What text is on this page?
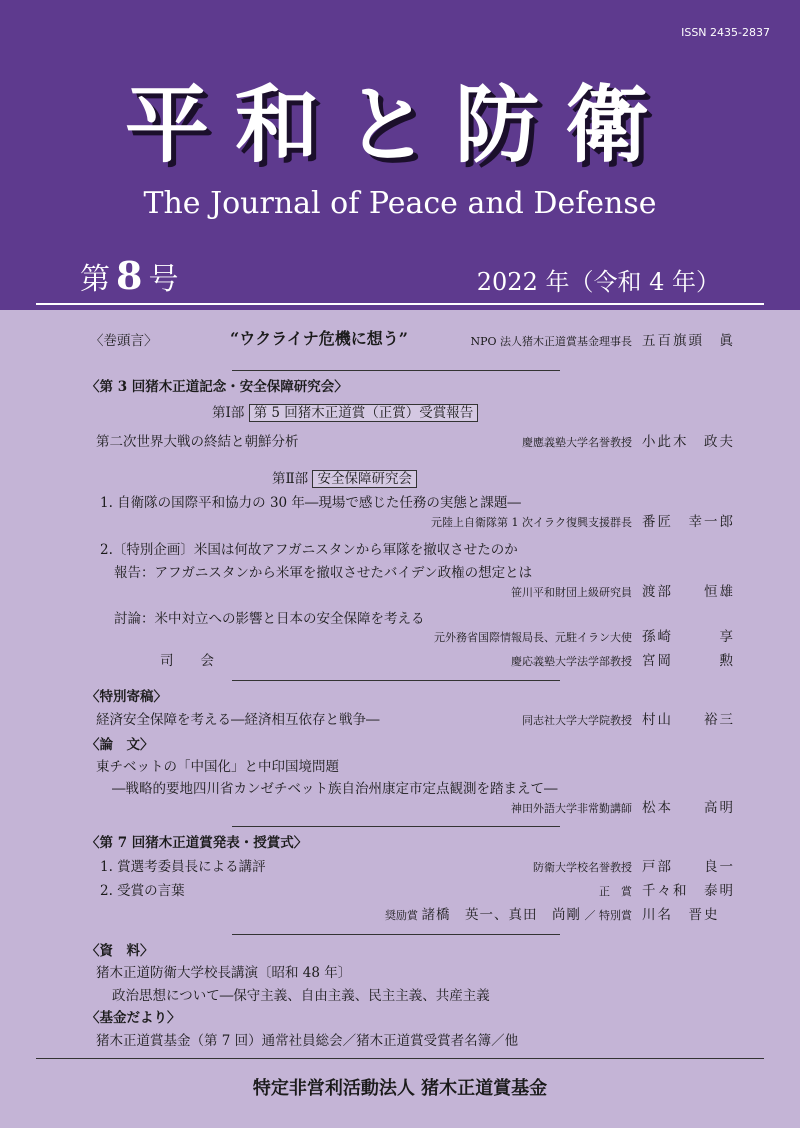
ISSN 2435-2837
平和と防衛
The Journal of Peace and Defense
第 8 号	2022 年（令和 4 年）
〈巻頭言〉	“ウクライナ危機に想う”	NPO 法人猪木正道賞基金理事長 五百旗頭　眞
〈第 3 回猪木正道記念・安全保障研究会〉
第Ⅰ部 第 5 回猪木正道賞（正賞）受賞報告
第二次世界大戦の終結と朝鮮分析	慶應義塾大学名誉教授 小此木　政夫
第Ⅱ部 安全保障研究会
1. 自衛隊の国際平和協力の 30 年―現場で感じた任務の実態と課題―
元陸上自衛隊第 1 次イラク復興支援群長 番匠　幸一郎
2.〔特別企画〕米国は何故アフガニスタンから軍隊を撤収させたのか
報告：アフガニスタンから米軍を撤収させたバイデン政権の想定とは
笹川平和財団上級研究員 渡部　　恒雄
討論：米中対立への影響と日本の安全保障を考える
元外務省国際情報局長、元駐イラン大使 孫崎　　　享
司　　会	慶応義塾大学法学部教授 宮岡　　　勲
〈特別寄稿〉
経済安全保障を考える―経済相互依存と戦争―	同志社大学大学院教授 村山　　裕三
〈論　文〉
東チベットの「中国化」と中印国境問題
―戦略的要地四川省カンゼチベット族自治州康定市定点観測を踏まえて―
神田外語大学非常勤講師 松本　　高明
〈第 7 回猪木正道賞発表・授賞式〉
1. 賞選考委員長による講評	防衛大学校名誉教授 戸部　　良一
2. 受賞の言葉	正　賞 千々和　泰明
奨励賞 諸橋　英一、真田　尚剛 ／ 特別賞 川名　晋史
〈資　料〉
猪木正道防衛大学校長講演〔昭和 48 年〕
政治思想について―保守主義、自由主義、民主主義、共産主義
〈基金だより〉
猪木正道賞基金（第 7 回）通常社員総会／猪木正道賞受賞者名簿／他
特定非営利活動法人 猪木正道賞基金
